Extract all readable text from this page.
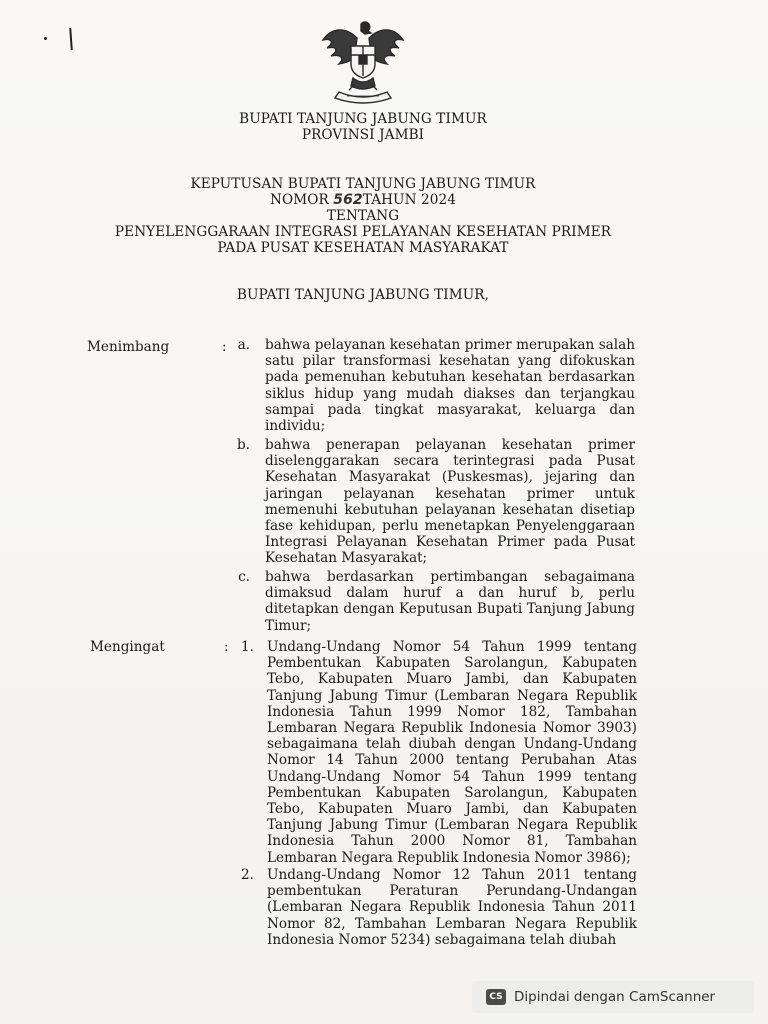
BUPATI TANJUNG JABUNG TIMUR
PROVINSI JAMBI
KEPUTUSAN BUPATI TANJUNG JABUNG TIMUR
NOMOR 562TAHUN 2024
TENTANG
PENYELENGGARAAN INTEGRASI PELAYANAN KESEHATAN PRIMER
PADA PUSAT KESEHATAN MASYARAKAT
BUPATI TANJUNG JABUNG TIMUR,
Menimbang	: a. bahwa pelayanan kesehatan primer merupakan salah satu pilar transformasi kesehatan yang difokuskan pada pemenuhan kebutuhan kesehatan berdasarkan siklus hidup yang mudah diakses dan terjangkau sampai pada tingkat masyarakat, keluarga dan individu;
b. bahwa penerapan pelayanan kesehatan primer diselenggarakan secara terintegrasi pada Pusat Kesehatan Masyarakat (Puskesmas), jejaring dan jaringan pelayanan kesehatan primer untuk memenuhi kebutuhan pelayanan kesehatan disetiap fase kehidupan, perlu menetapkan Penyelenggaraan Integrasi Pelayanan Kesehatan Primer pada Pusat Kesehatan Masyarakat;
c. bahwa berdasarkan pertimbangan sebagaimana dimaksud dalam huruf a dan huruf b, perlu ditetapkan dengan Keputusan Bupati Tanjung Jabung Timur;
Mengingat	: 1. Undang-Undang Nomor 54 Tahun 1999 tentang Pembentukan Kabupaten Sarolangun, Kabupaten Tebo, Kabupaten Muaro Jambi, dan Kabupaten Tanjung Jabung Timur (Lembaran Negara Republik Indonesia Tahun 1999 Nomor 182, Tambahan Lembaran Negara Republik Indonesia Nomor 3903) sebagaimana telah diubah dengan Undang-Undang Nomor 14 Tahun 2000 tentang Perubahan Atas Undang-Undang Nomor 54 Tahun 1999 tentang Pembentukan Kabupaten Sarolangun, Kabupaten Tebo, Kabupaten Muaro Jambi, dan Kabupaten Tanjung Jabung Timur (Lembaran Negara Republik Indonesia Tahun 2000 Nomor 81, Tambahan Lembaran Negara Republik Indonesia Nomor 3986);
2. Undang-Undang Nomor 12 Tahun 2011 tentang pembentukan Peraturan Perundang-Undangan (Lembaran Negara Republik Indonesia Tahun 2011 Nomor 82, Tambahan Lembaran Negara Republik Indonesia Nomor 5234) sebagaimana telah diubah
CS Dipindai dengan CamScanner
